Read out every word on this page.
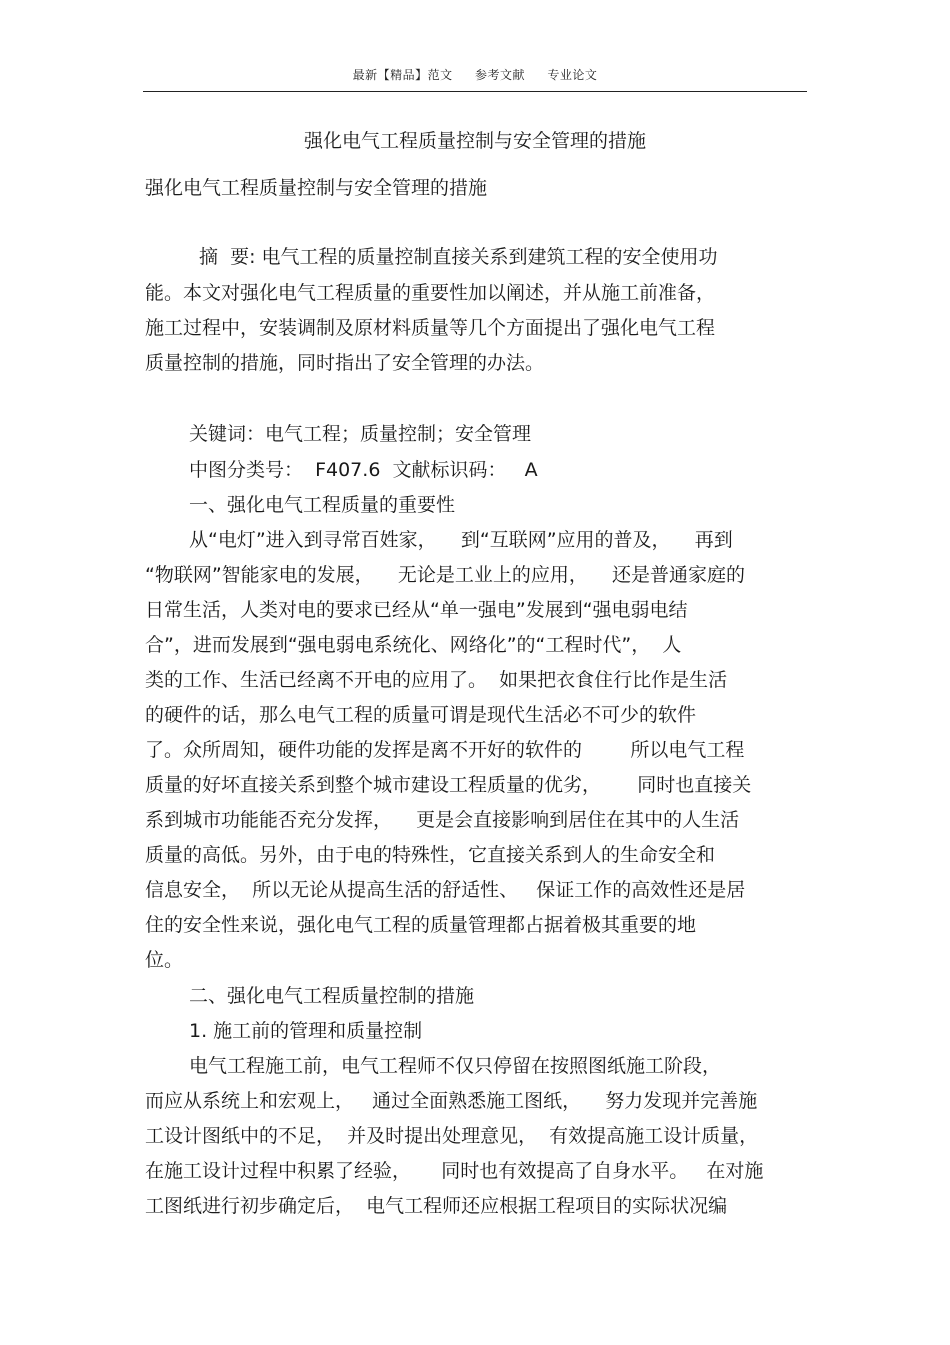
最新【精品】范文 参考文献 专业论文
强化电气工程质量控制与安全管理的措施
强化电气工程质量控制与安全管理的措施
摘  要: 电气工程的质量控制直接关系到建筑工程的安全使用功
能。本文对强化电气工程质量的重要性加以阐述，并从施工前准备，
施工过程中，安装调制及原材料质量等几个方面提出了强化电气工程
质量控制的措施，同时指出了安全管理的办法。
关键词：电气工程；质量控制；安全管理
中图分类号：  F407.6  文献标识码：   A
一、强化电气工程质量的重要性
从“电灯”进入到寻常百姓家，    到“互联网”应用的普及，    再到
“物联网”智能家电的发展，    无论是工业上的应用，    还是普通家庭的
日常生活，人类对电的要求已经从“单一强电”发展到“强电弱电结
合”，进而发展到“强电弱电系统化、网络化”的“工程时代”，  人
类的工作、生活已经离不开电的应用了。  如果把衣食住行比作是生活
的硬件的话，那么电气工程的质量可谓是现代生活必不可少的软件
了。众所周知，硬件功能的发挥是离不开好的软件的        所以电气工程
质量的好坏直接关系到整个城市建设工程质量的优劣，      同时也直接关
系到城市功能能否充分发挥，    更是会直接影响到居住在其中的人生活
质量的高低。另外，由于电的特殊性，它直接关系到人的生命安全和
信息安全，  所以无论从提高生活的舒适性、   保证工作的高效性还是居
住的安全性来说，强化电气工程的质量管理都占据着极其重要的地
位。
二、强化电气工程质量控制的措施
1. 施工前的管理和质量控制
电气工程施工前，电气工程师不仅只停留在按照图纸施工阶段，
而应从系统上和宏观上，   通过全面熟悉施工图纸，    努力发现并完善施
工设计图纸中的不足，  并及时提出处理意见，  有效提高施工设计质量，
在施工设计过程中积累了经验，     同时也有效提高了自身水平。   在对施
工图纸进行初步确定后，  电气工程师还应根据工程项目的实际状况编
